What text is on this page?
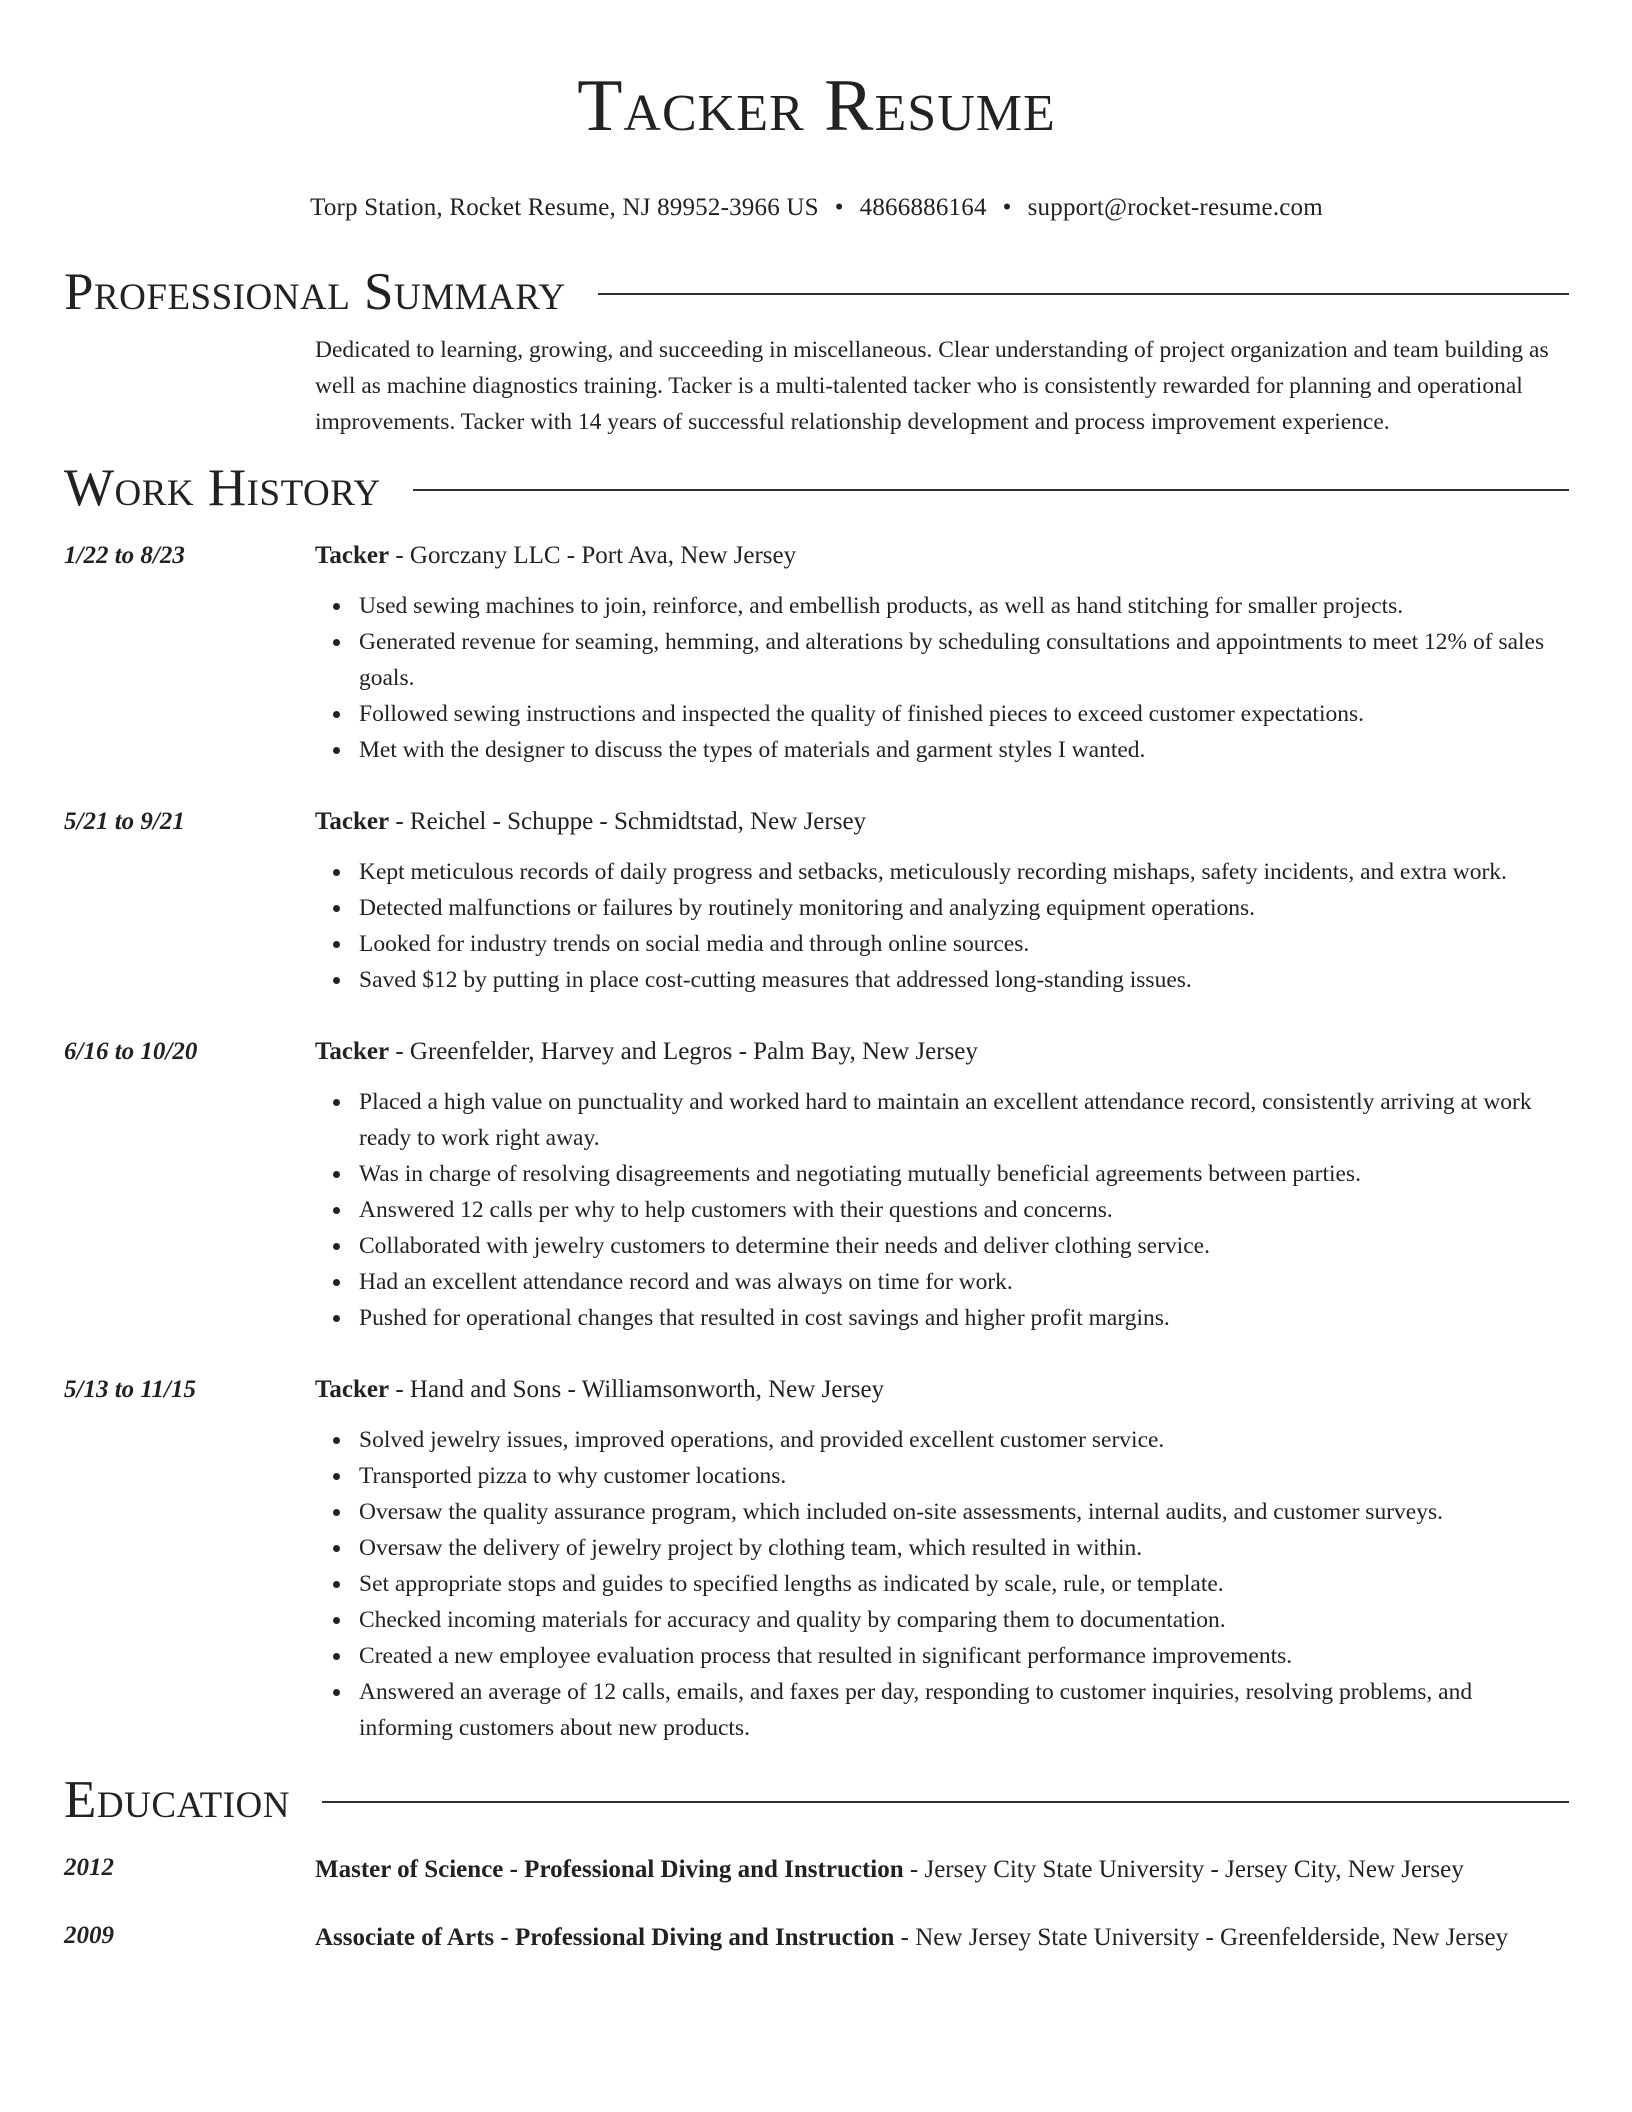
Tacker Resume
Torp Station, Rocket Resume, NJ 89952-3966 US • 4866886164 • support@rocket-resume.com
Professional Summary
Dedicated to learning, growing, and succeeding in miscellaneous. Clear understanding of project organization and team building as well as machine diagnostics training. Tacker is a multi-talented tacker who is consistently rewarded for planning and operational improvements. Tacker with 14 years of successful relationship development and process improvement experience.
Work History
1/22 to 8/23	Tacker - Gorczany LLC - Port Ava, New Jersey
Used sewing machines to join, reinforce, and embellish products, as well as hand stitching for smaller projects.
Generated revenue for seaming, hemming, and alterations by scheduling consultations and appointments to meet 12% of sales goals.
Followed sewing instructions and inspected the quality of finished pieces to exceed customer expectations.
Met with the designer to discuss the types of materials and garment styles I wanted.
5/21 to 9/21	Tacker - Reichel - Schuppe - Schmidtstad, New Jersey
Kept meticulous records of daily progress and setbacks, meticulously recording mishaps, safety incidents, and extra work.
Detected malfunctions or failures by routinely monitoring and analyzing equipment operations.
Looked for industry trends on social media and through online sources.
Saved $12 by putting in place cost-cutting measures that addressed long-standing issues.
6/16 to 10/20	Tacker - Greenfelder, Harvey and Legros - Palm Bay, New Jersey
Placed a high value on punctuality and worked hard to maintain an excellent attendance record, consistently arriving at work ready to work right away.
Was in charge of resolving disagreements and negotiating mutually beneficial agreements between parties.
Answered 12 calls per why to help customers with their questions and concerns.
Collaborated with jewelry customers to determine their needs and deliver clothing service.
Had an excellent attendance record and was always on time for work.
Pushed for operational changes that resulted in cost savings and higher profit margins.
5/13 to 11/15	Tacker - Hand and Sons - Williamsonworth, New Jersey
Solved jewelry issues, improved operations, and provided excellent customer service.
Transported pizza to why customer locations.
Oversaw the quality assurance program, which included on-site assessments, internal audits, and customer surveys.
Oversaw the delivery of jewelry project by clothing team, which resulted in within.
Set appropriate stops and guides to specified lengths as indicated by scale, rule, or template.
Checked incoming materials for accuracy and quality by comparing them to documentation.
Created a new employee evaluation process that resulted in significant performance improvements.
Answered an average of 12 calls, emails, and faxes per day, responding to customer inquiries, resolving problems, and informing customers about new products.
Education
2012	Master of Science - Professional Diving and Instruction - Jersey City State University - Jersey City, New Jersey
2009	Associate of Arts - Professional Diving and Instruction - New Jersey State University - Greenfelderside, New Jersey
